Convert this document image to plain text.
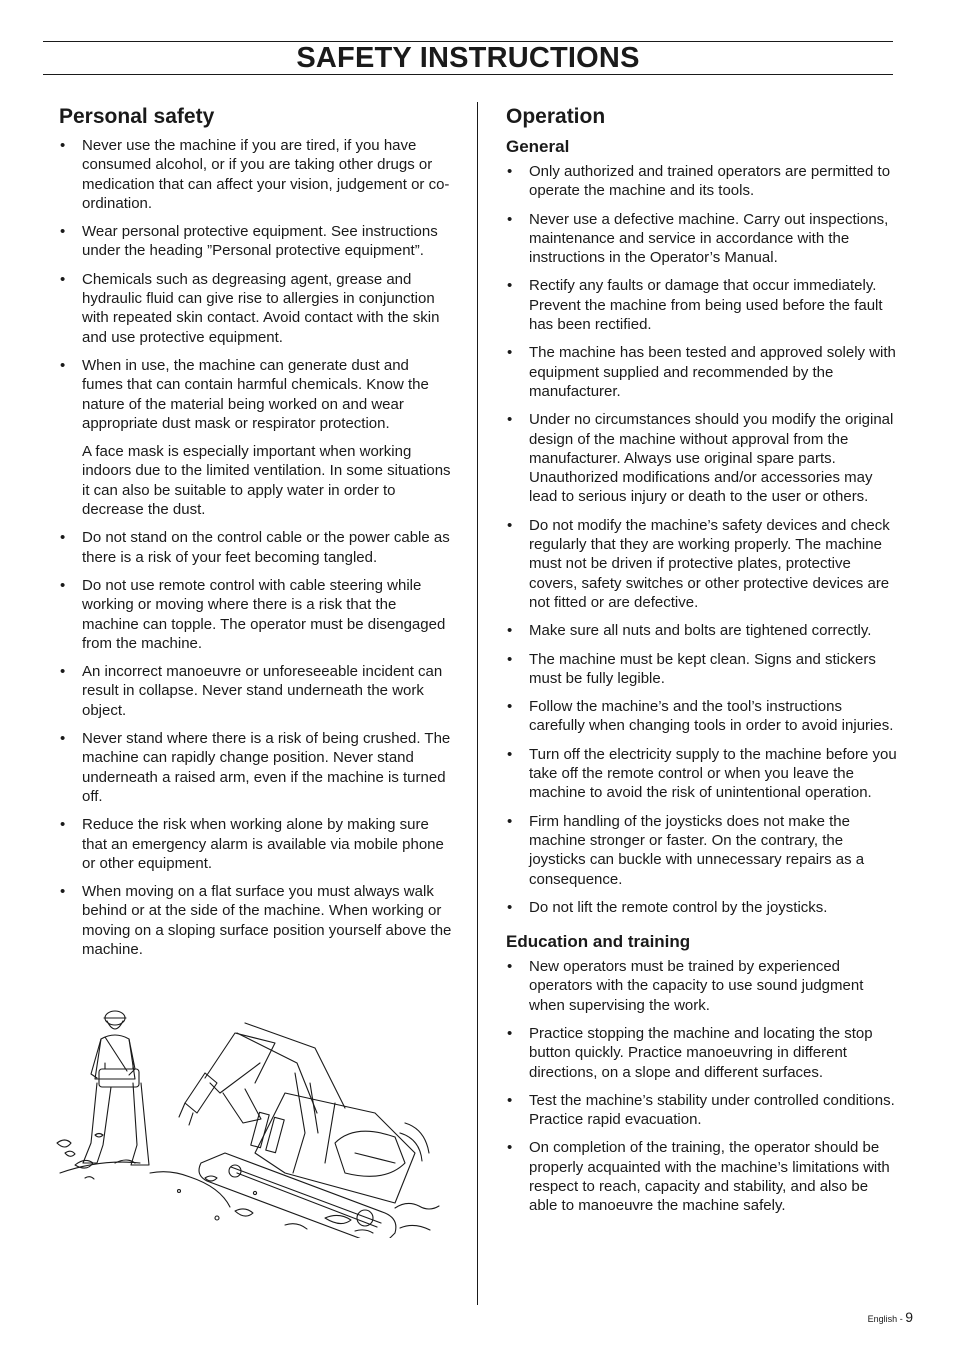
SAFETY INSTRUCTIONS
Personal safety
• Never use the machine if you are tired, if you have consumed alcohol, or if you are taking other drugs or medication that can affect your vision, judgement or co-ordination.

• Wear personal protective equipment. See instructions under the heading ”Personal protective equipment”.

• Chemicals such as degreasing agent, grease and hydraulic fluid can give rise to allergies in conjunction with repeated skin contact. Avoid contact with the skin and use protective equipment.

• When in use, the machine can generate dust and fumes that can contain harmful chemicals. Know the nature of the material being worked on and wear appropriate dust mask or respirator protection.

A face mask is especially important when working indoors due to the limited ventilation. In some situations it can also be suitable to apply water in order to decrease the dust.

• Do not stand on the control cable or the power cable as there is a risk of your feet becoming tangled.

• Do not use remote control with cable steering while working or moving where there is a risk that the machine can topple. The operator must be disengaged from the machine.

• An incorrect manoeuvre or unforeseeable incident can result in collapse. Never stand underneath the work object.

• Never stand where there is a risk of being crushed. The machine can rapidly change position. Never stand underneath a raised arm, even if the machine is turned off.

• Reduce the risk when working alone by making sure that an emergency alarm is available via mobile phone or other equipment.

• When moving on a flat surface you must always walk behind or at the side of the machine. When working or moving on a sloping surface position yourself above the machine.

Operation
General
• Only authorized and trained operators are permitted to operate the machine and its tools.

• Never use a defective machine. Carry out inspections, maintenance and service in accordance with the instructions in the Operator’s Manual.

• Rectify any faults or damage that occur immediately. Prevent the machine from being used before the fault has been rectified.

• The machine has been tested and approved solely with equipment supplied and recommended by the manufacturer.

• Under no circumstances should you modify the original design of the machine without approval from the manufacturer. Always use original spare parts. Unauthorized modifications and/or accessories may lead to serious injury or death to the user or others.

• Do not modify the machine’s safety devices and check regularly that they are working properly. The machine must not be driven if protective plates, protective covers, safety switches or other protective devices are not fitted or are defective.

• Make sure all nuts and bolts are tightened correctly.

• The machine must be kept clean. Signs and stickers must be fully legible.

• Follow the machine’s and the tool’s instructions carefully when changing tools in order to avoid injuries.

• Turn off the electricity supply to the machine before you take off the remote control or when you leave the machine to avoid the risk of unintentional operation.

• Firm handling of the joysticks does not make the machine stronger or faster. On the contrary, the joysticks can buckle with unnecessary repairs as a consequence.

• Do not lift the remote control by the joysticks.

Education and training
• New operators must be trained by experienced operators with the capacity to use sound judgment when supervising the work.

• Practice stopping the machine and locating the stop button quickly. Practice manoeuvring in different directions, on a slope and different surfaces.

• Test the machine’s stability under controlled conditions. Practice rapid evacuation.

• On completion of the training, the operator should be properly acquainted with the machine’s limitations with respect to reach, capacity and stability, and also be able to manoeuvre the machine safely.

English - 9
